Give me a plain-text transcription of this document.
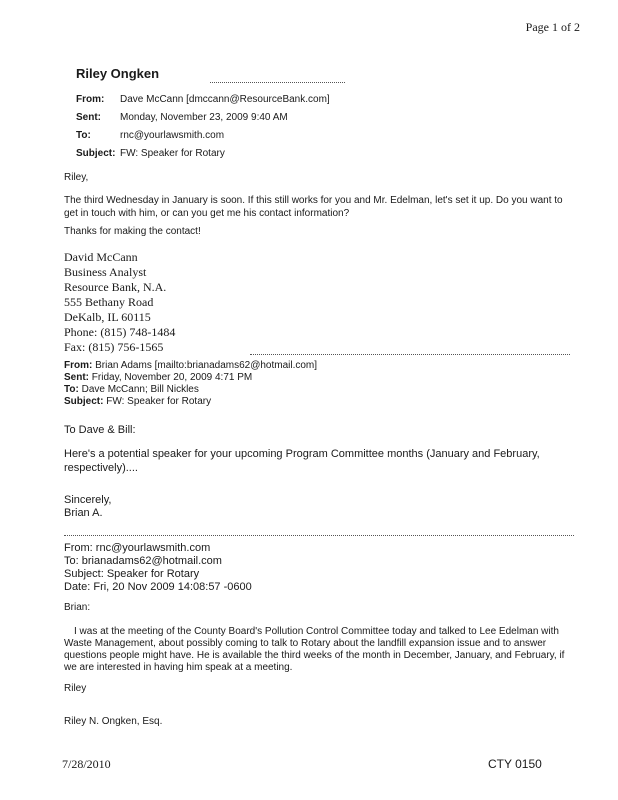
Page 1 of 2
Riley Ongken
From: Dave McCann [dmccann@ResourceBank.com]
Sent: Monday, November 23, 2009 9:40 AM
To:	rnc@yourlawsmith.com
Subject: FW: Speaker for Rotary
Riley,
The third Wednesday in January is soon. If this still works for you and Mr. Edelman, let's set it up. Do you want to get in touch with him, or can you get me his contact information?
Thanks for making the contact!
David McCann
Business Analyst
Resource Bank, N.A.
555 Bethany Road
DeKalb, IL 60115
Phone: (815) 748-1484
Fax: (815) 756-1565
From: Brian Adams [mailto:brianadams62@hotmail.com]
Sent: Friday, November 20, 2009 4:71 PM
To: Dave McCann; Bill Nickles
Subject: FW: Speaker for Rotary
To Dave & Bill:
Here's a potential speaker for your upcoming Program Committee months (January and February, respectively)....
Sincerely,
Brian A.
From: rnc@yourlawsmith.com
To: brianadams62@hotmail.com
Subject: Speaker for Rotary
Date: Fri, 20 Nov 2009 14:08:57 -0600
Brian:
I was at the meeting of the County Board's Pollution Control Committee today and talked to Lee Edelman with Waste Management, about possibly coming to talk to Rotary about the landfill expansion issue and to answer questions people might have. He is available the third weeks of the month in December, January, and February, if we are interested in having him speak at a meeting.
Riley
Riley N. Ongken, Esq.
7/28/2010	CTY 0150
